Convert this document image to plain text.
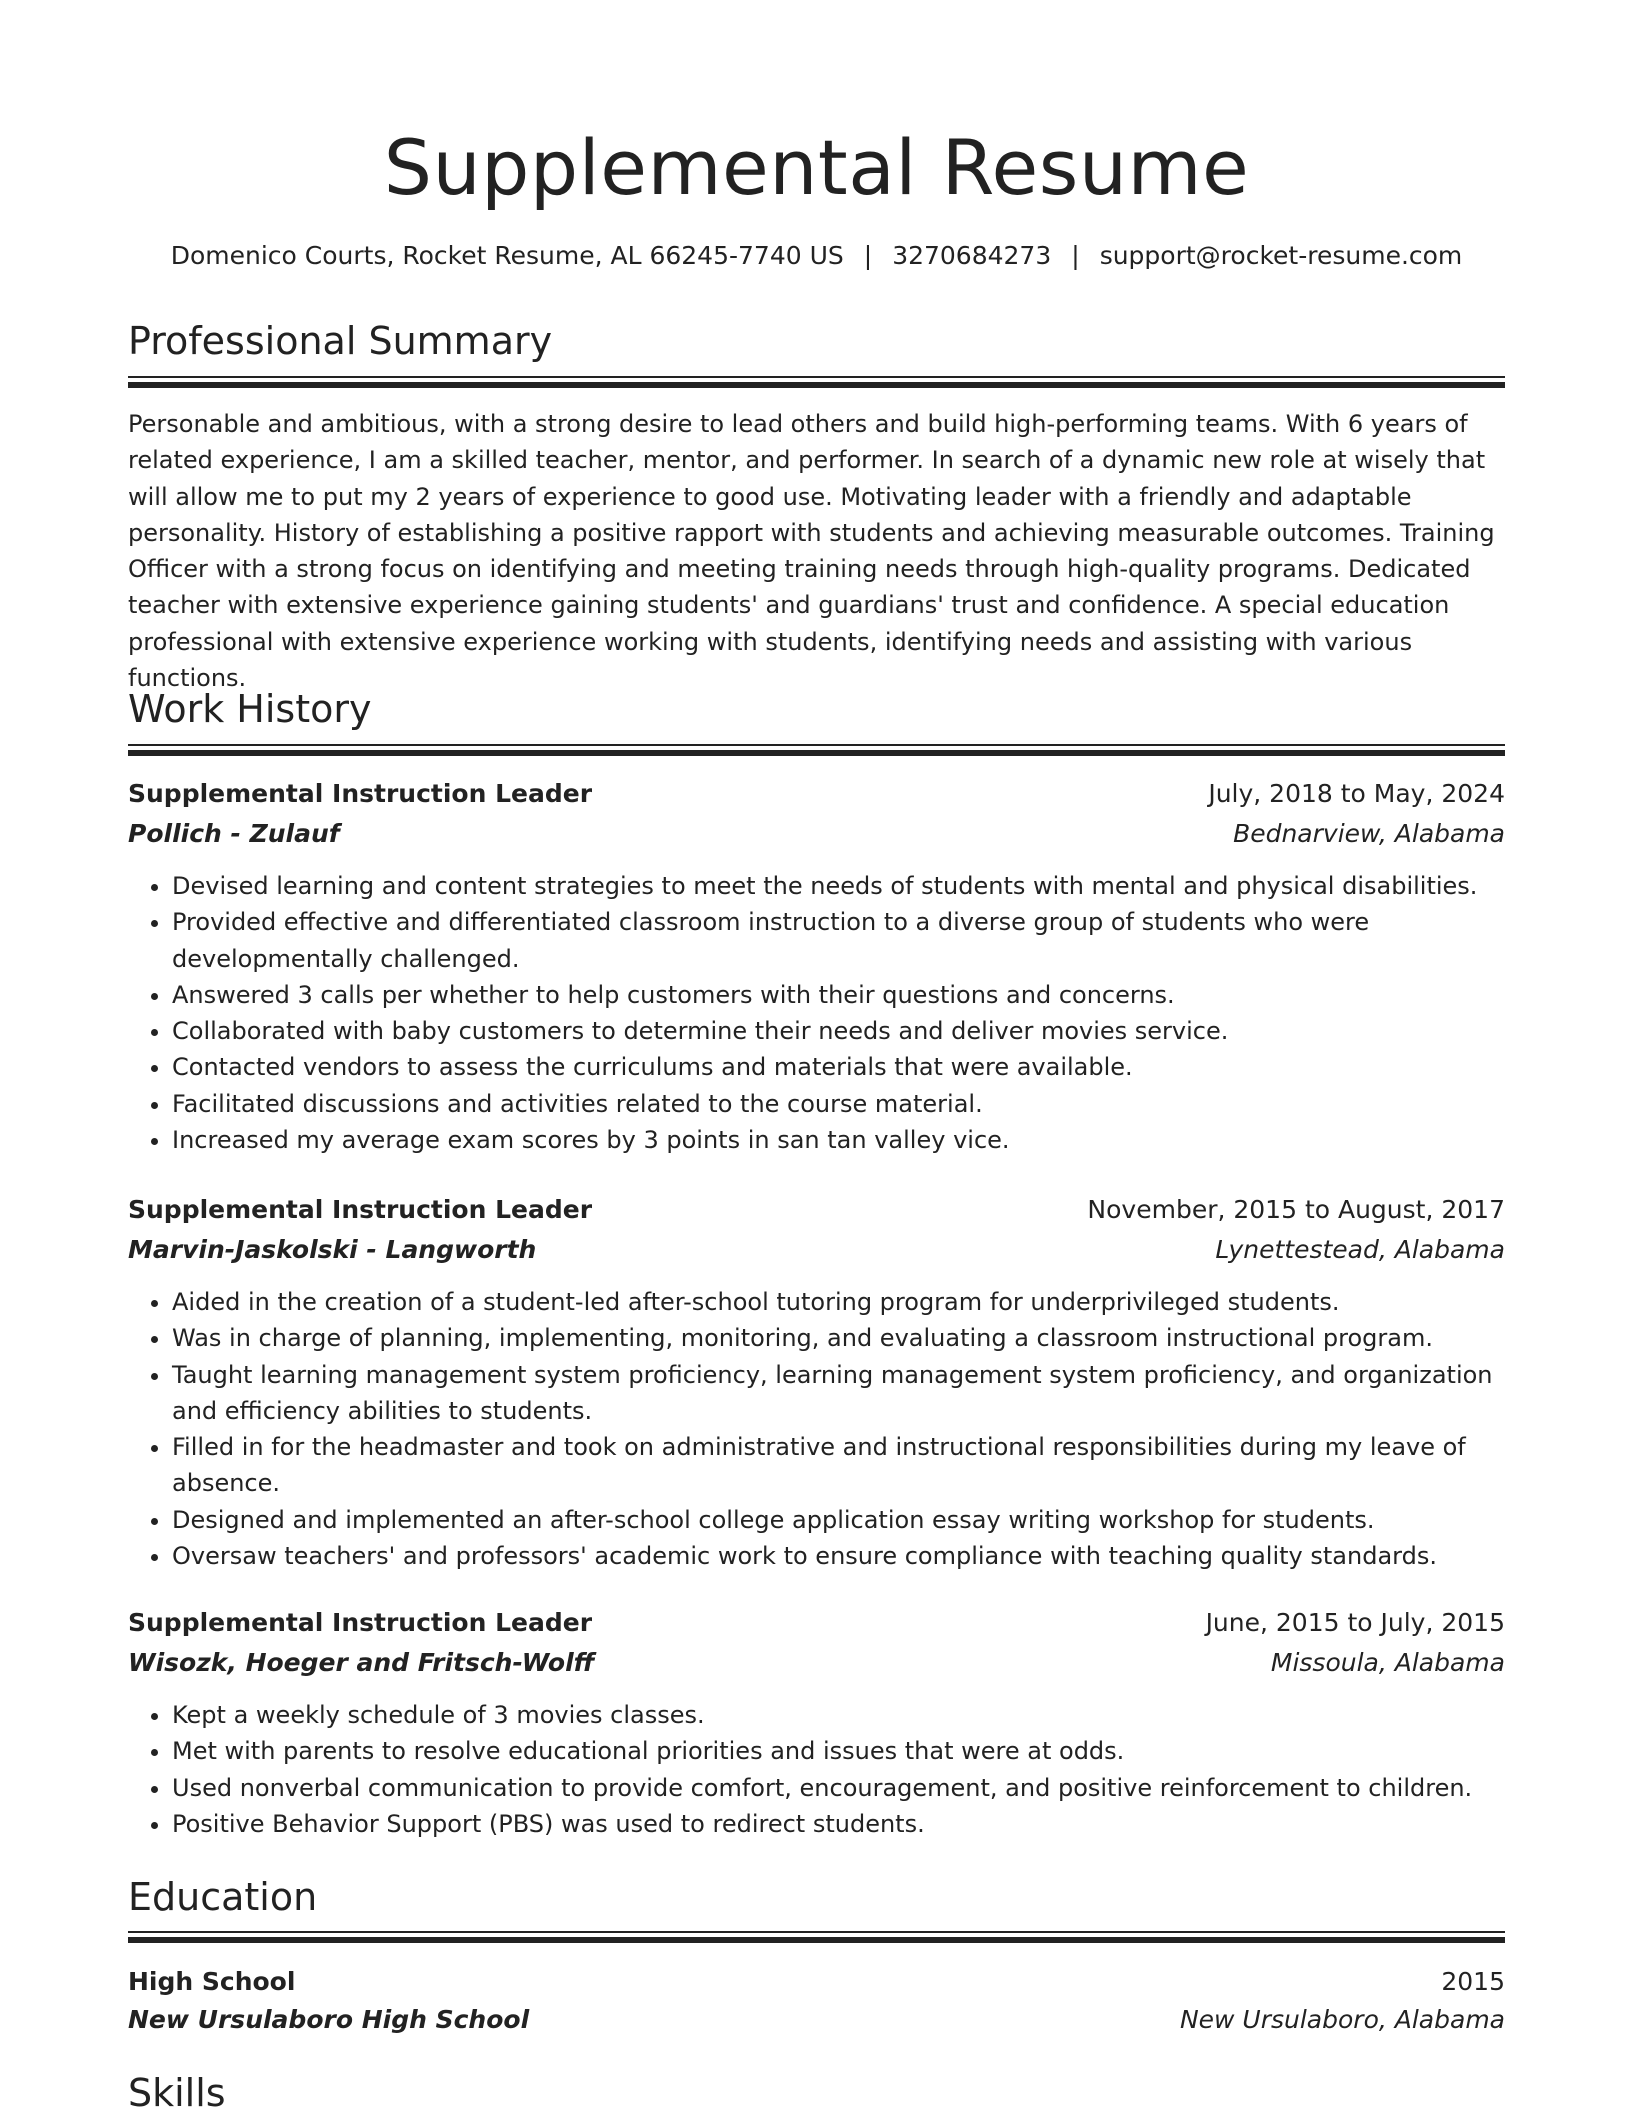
Supplemental Resume
Domenico Courts, Rocket Resume, AL 66245-7740 US | 3270684273 | support@rocket-resume.com
Professional Summary

Personable and ambitious, with a strong desire to lead others and build high-performing teams. With 6 years of related experience, I am a skilled teacher, mentor, and performer. In search of a dynamic new role at wisely that will allow me to put my 2 years of experience to good use. Motivating leader with a friendly and adaptable personality. History of establishing a positive rapport with students and achieving measurable outcomes. Training Officer with a strong focus on identifying and meeting training needs through high-quality programs. Dedicated teacher with extensive experience gaining students' and guardians' trust and confidence. A special education professional with extensive experience working with students, identifying needs and assisting with various functions.

Work History
Supplemental Instruction Leader	July, 2018 to May, 2024
Pollich - Zulauf	Bednarview, Alabama
• Devised learning and content strategies to meet the needs of students with mental and physical disabilities.
• Provided effective and differentiated classroom instruction to a diverse group of students who were developmentally challenged.
• Answered 3 calls per whether to help customers with their questions and concerns.
• Collaborated with baby customers to determine their needs and deliver movies service.
• Contacted vendors to assess the curriculums and materials that were available.
• Facilitated discussions and activities related to the course material.
• Increased my average exam scores by 3 points in san tan valley vice.
Supplemental Instruction Leader	November, 2015 to August, 2017
Marvin-Jaskolski - Langworth	Lynettestead, Alabama
• Aided in the creation of a student-led after-school tutoring program for underprivileged students.
• Was in charge of planning, implementing, monitoring, and evaluating a classroom instructional program.
• Taught learning management system proficiency, learning management system proficiency, and organization and efficiency abilities to students.
• Filled in for the headmaster and took on administrative and instructional responsibilities during my leave of absence.
• Designed and implemented an after-school college application essay writing workshop for students.
• Oversaw teachers' and professors' academic work to ensure compliance with teaching quality standards.
Supplemental Instruction Leader	June, 2015 to July, 2015
Wisozk, Hoeger and Fritsch-Wolff	Missoula, Alabama
• Kept a weekly schedule of 3 movies classes.
• Met with parents to resolve educational priorities and issues that were at odds.
• Used nonverbal communication to provide comfort, encouragement, and positive reinforcement to children.
• Positive Behavior Support (PBS) was used to redirect students.
Education
High School	2015
New Ursulaboro High School	New Ursulaboro, Alabama
Skills
